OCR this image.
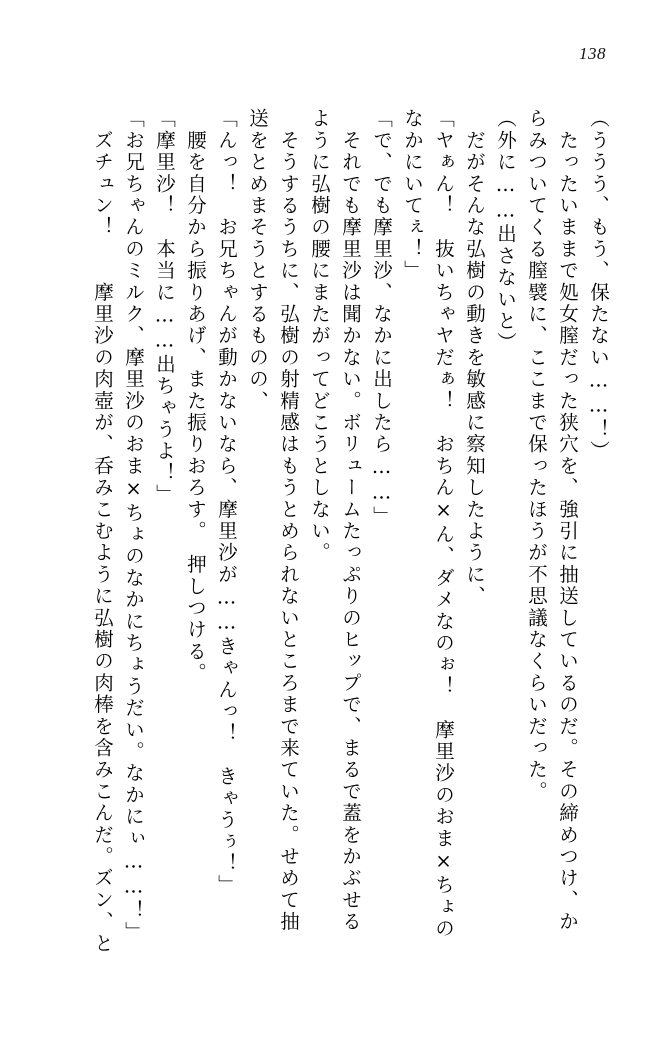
138
（ううう、もう、保たない……！）
　たったいままで処女膣だった狭穴を、強引に抽送しているのだ。その締めつけ、か
らみついてくる膣襞に、ここまで保ったほうが不思議なくらいだった。
（外に……出さないと）
　だがそんな弘樹の動きを敏感に察知したように、
「ヤぁん！　抜いちゃヤだぁ！　おちん×ん、ダメなのぉ！　摩里沙のおま×ちょの
なかにいてぇ！」
「で、でも摩里沙、なかに出したら……」
　それでも摩里沙は聞かない。ボリュームたっぷりのヒップで、まるで蓋をかぶせる
ように弘樹の腰にまたがってどこうとしない。
　そうするうちに、弘樹の射精感はもうとめられないところまで来ていた。せめて抽
送をとめまそうとするものの、
「んっ！　お兄ちゃんが動かないなら、摩里沙が……きゃんっ！　きゃうぅ！」
　腰を自分から振りあげ、また振りおろす。　押しつける。
「摩里沙！　本当に……出ちゃうよ！」
「お兄ちゃんのミルク、摩里沙のおま×ちょのなかにちょうだい。なかにぃ……！」
　ズチュン！　　摩里沙の肉壺が、呑みこむように弘樹の肉棒を含みこんだ。ズン、と
